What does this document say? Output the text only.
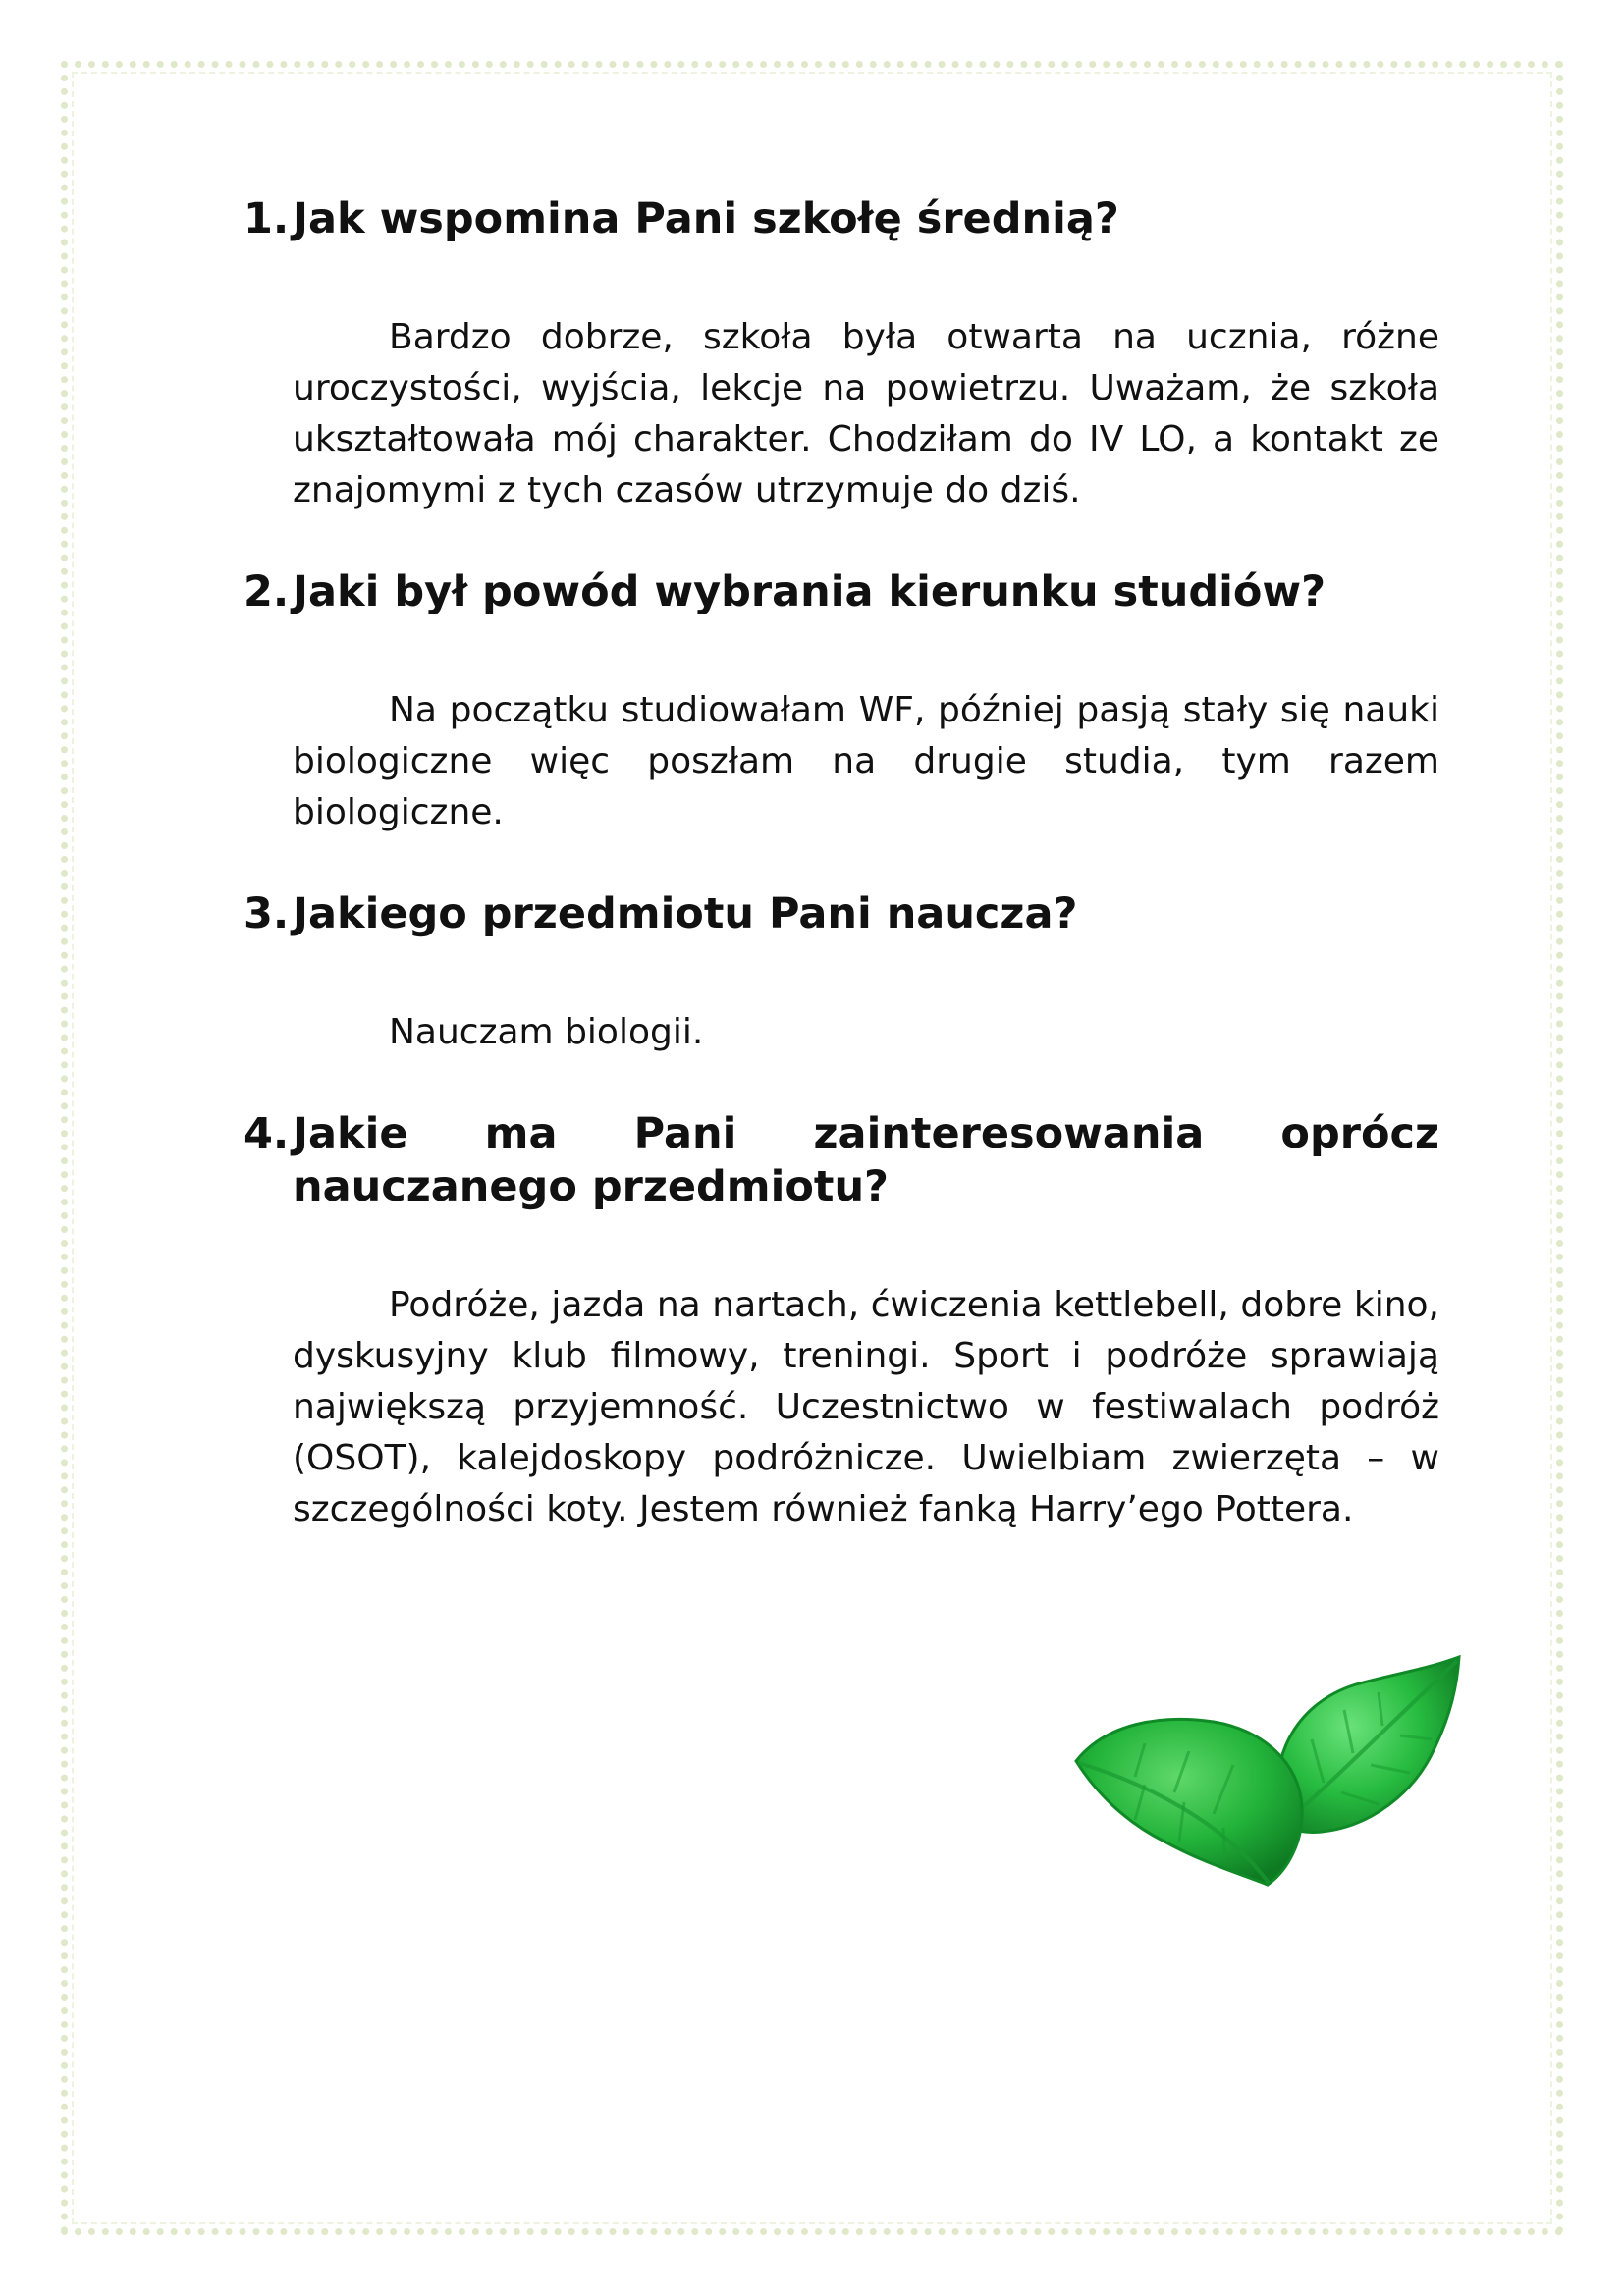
1. Jak wspomina Pani szkołę średnią?

Bardzo dobrze, szkoła była otwarta na ucznia, różne uroczystości, wyjścia, lekcje na powietrzu. Uważam, że szkoła ukształtowała mój charakter. Chodziłam do IV LO, a kontakt ze znajomymi z tych czasów utrzymuje do dziś.

2. Jaki był powód wybrania kierunku studiów?

Na początku studiowałam WF, później pasją stały się nauki biologiczne więc poszłam na drugie studia, tym razem biologiczne.

3. Jakiego przedmiotu Pani naucza?

Nauczam biologii.

4. Jakie ma Pani zainteresowania oprócz nauczanego przedmiotu?

Podróże, jazda na nartach, ćwiczenia kettlebell, dobre kino, dyskusyjny klub filmowy, treningi. Sport i podróże sprawiają największą przyjemność. Uczestnictwo w festiwalach podróż (OSOT), kalejdoskopy podróżnicze. Uwielbiam zwierzęta – w szczególności koty. Jestem również fanką Harry’ego Pottera.
